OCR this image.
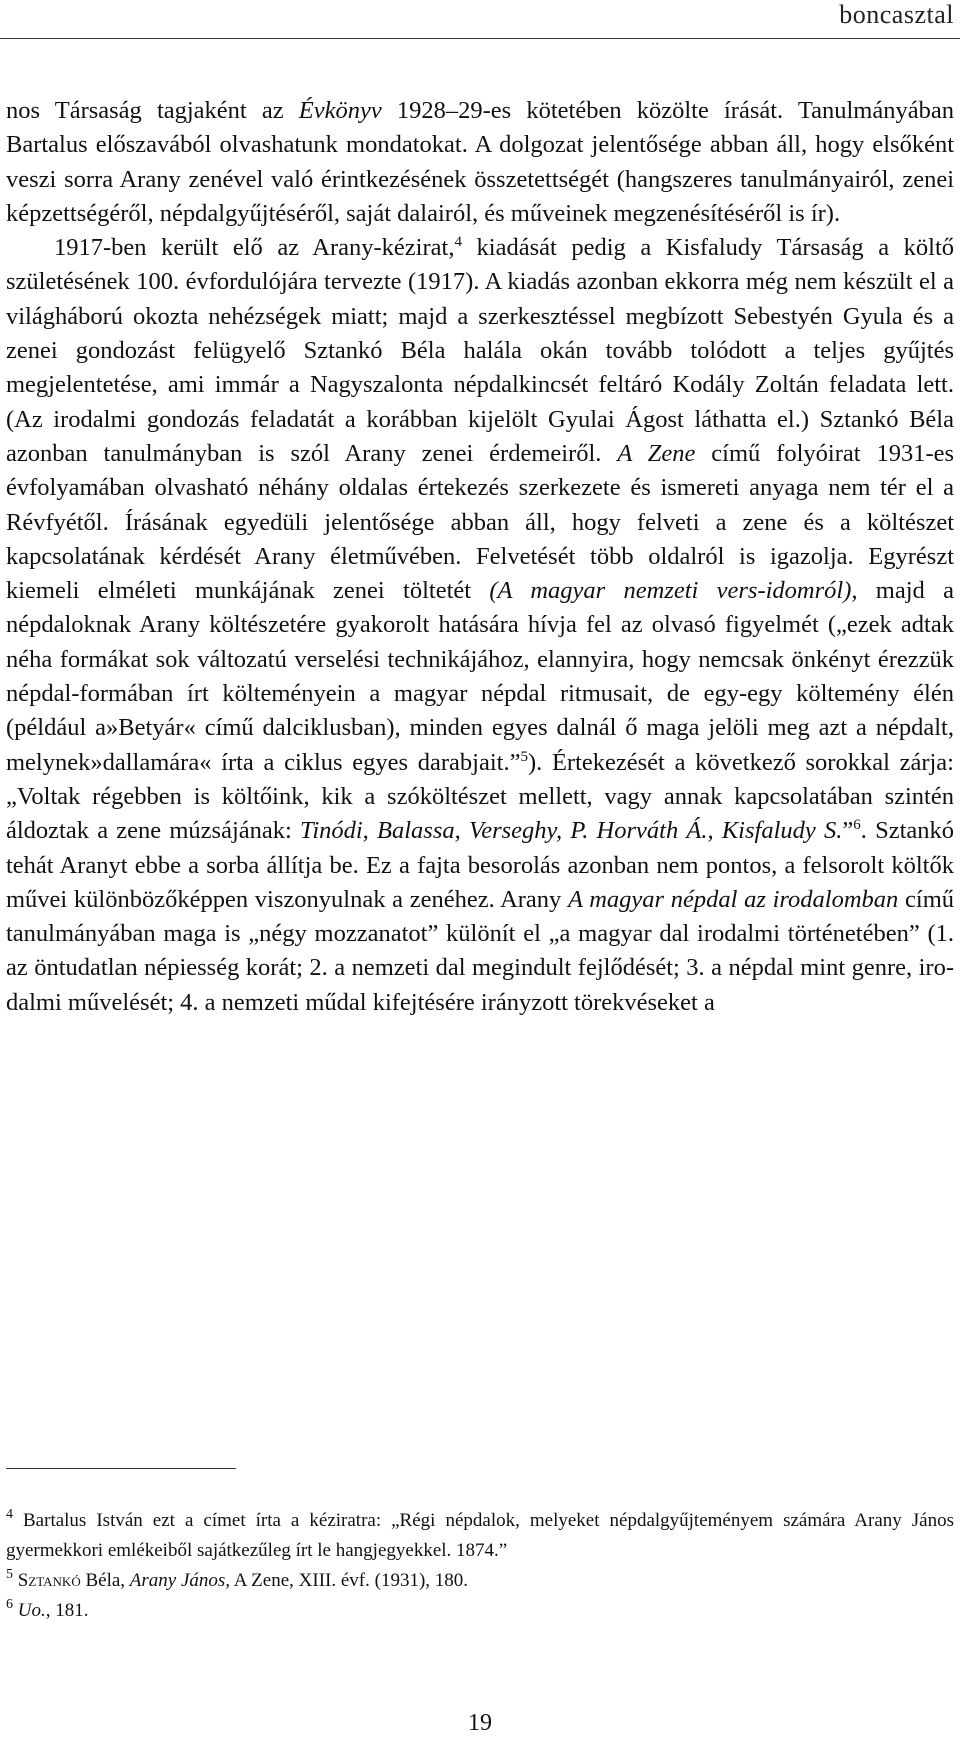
boncasztal

nos Társaság tagjaként az Évkönyv 1928–29-es kötetében közölte írását. Tanulmányában Bartalus előszavából olvashatunk mondatokat. A dolgozat jelentősége abban áll, hogy elsőként veszi sorra Arany zenével való érintkezésének összetettségét (hangszeres tanulmányairól, zenei képzettségéről, népdalgyűjtéséről, saját dalairól, és műveinek megzenésítéséről is ír).

1917-ben került elő az Arany-kézirat,$^4$ kiadását pedig a Kisfaludy Társaság a költő születésének 100. évfordulójára tervezte (1917). A kiadás azonban ekkorra még nem készült el a világháború okozta nehézségek miatt; majd a szerkesztéssel megbízott Sebestyén Gyula és a zenei gondozást felügyelő Sztankó Béla halála okán tovább tolódott a teljes gyűjtés megjelentetése, ami immár a Nagyszalonta népdalkincsét feltáró Kodály Zoltán feladata lett. (Az irodalmi gondozás feladatát a korábban kijelölt Gyulai Ágost láthatta el.) Sztankó Béla azonban tanulmányban is szól Arany zenei érdemeiről. A Zene című folyóirat 1931-es évfolyamában olvasható néhány oldalas értekezés szerkezete és ismereti anyaga nem tér el a Révfyétől. Írásának egyedüli jelentősége abban áll, hogy felveti a zene és a költészet kapcsolatának kérdését Arany életművében. Felvetését több oldalról is igazolja. Egyrészt kiemeli elméleti munkájának zenei töltetét (A magyar nemzeti vers-idomról), majd a népdaloknak Arany költészetére gyakorolt hatására hívja fel az olvasó figyelmét („ezek adtak néha formákat sok változatú verselési technikájához, elannyira, hogy nemcsak önkényt érezzük népdal-formában írt költeményein a magyar népdal ritmusait, de egy-egy költemény élén (például a»Betyár« című dalciklusban), minden egyes dalnál ő maga jelöli meg azt a népdalt, melynek»dallamára« írta a ciklus egyes darabjait.”$^5$). Értekezését a következő sorokkal zárja: „Voltak régebben is költőink, kik a szóköltészet mellett, vagy annak kapcsolatában szintén áldoztak a zene múzsájának: Tinódi, Balassa, Verseghy, P. Horváth Á., Kisfaludy S.”$^6$. Sztankó tehát Aranyt ebbe a sorba állítja be. Ez a fajta besorolás azonban nem pontos, a felsorolt költők művei különbözőképpen viszonyulnak a zenéhez. Arany A magyar népdal az irodalomban című tanulmányában maga is „négy mozzanatot” különít el „a magyar dal irodalmi történetében” (1. az öntudatlan népiesség korát; 2. a nemzeti dal megindult fejlődését; 3. a népdal mint genre, irodalmi művelését; 4. a nemzeti műdal kifejtésére irányzott törekvéseket a

$^4$ Bartalus István ezt a címet írta a kéziratra: „Régi népdalok, melyeket népdalgyűjteményem számára Arany János gyermekkori emlékeiből sajátkezűleg írt le hangjegyekkel. 1874.”

$^5$ Sztankó Béla, Arany János, A Zene, XIII. évf. (1931), 180.

$^6$ Uo., 181.

19
